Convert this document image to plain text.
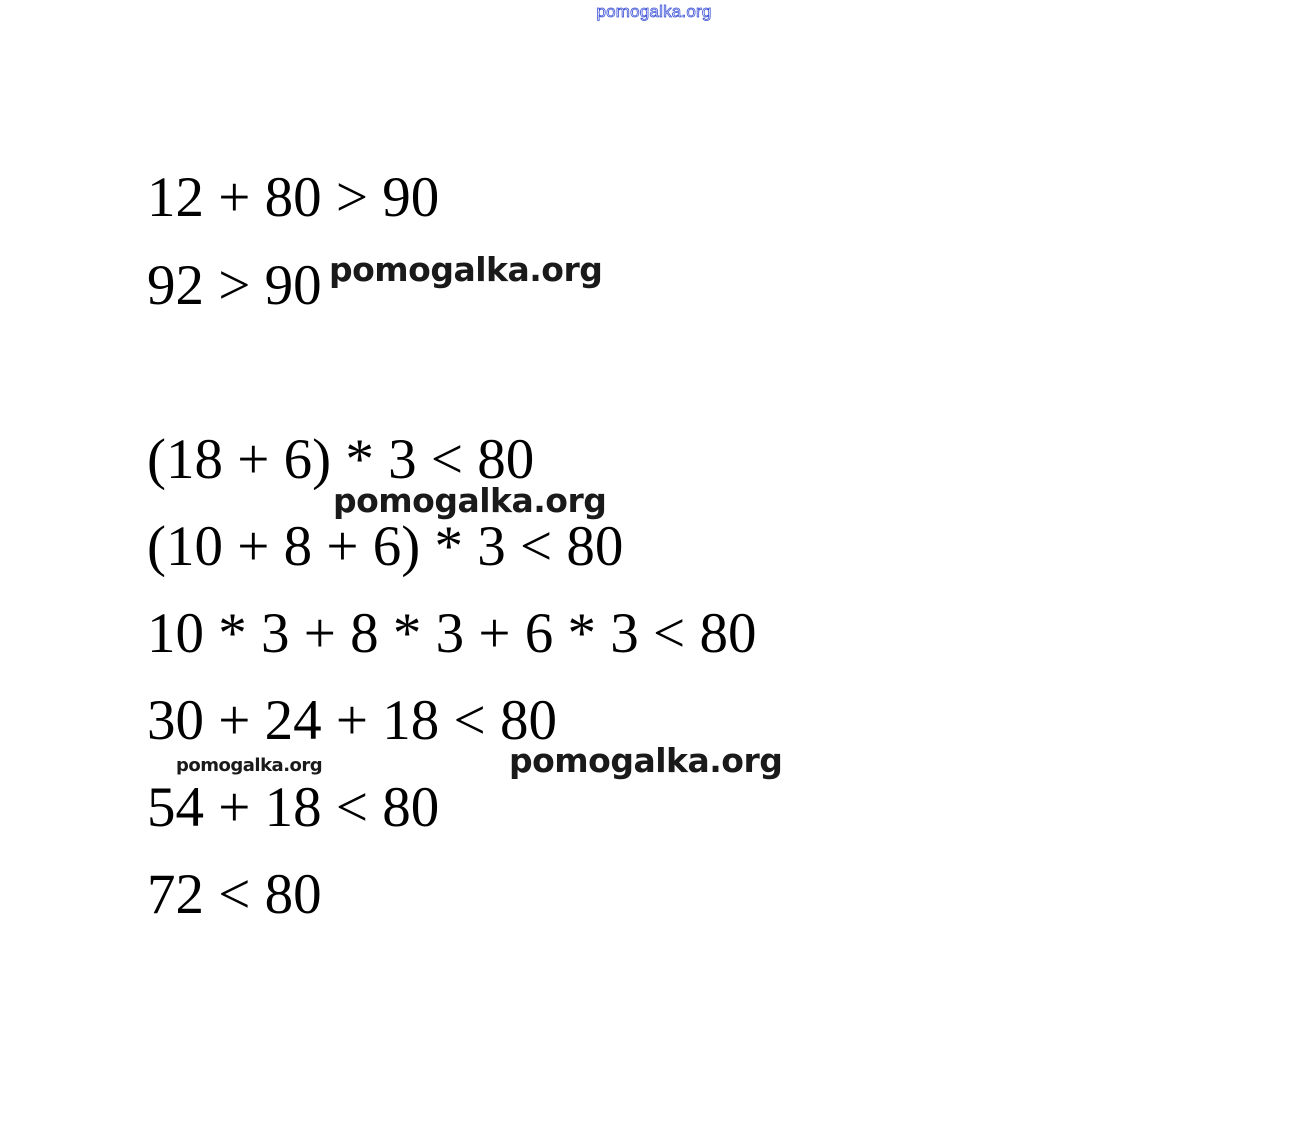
pomogalka.org
12 + 80 > 90
92 > 90
(18 + 6) * 3 < 80
(10 + 8 + 6) * 3 < 80
10 * 3 + 8 * 3 + 6 * 3 < 80
30 + 24 + 18 < 80
54 + 18 < 80
72 < 80
pomogalka.org
pomogalka.org
pomogalka.org
pomogalka.org
